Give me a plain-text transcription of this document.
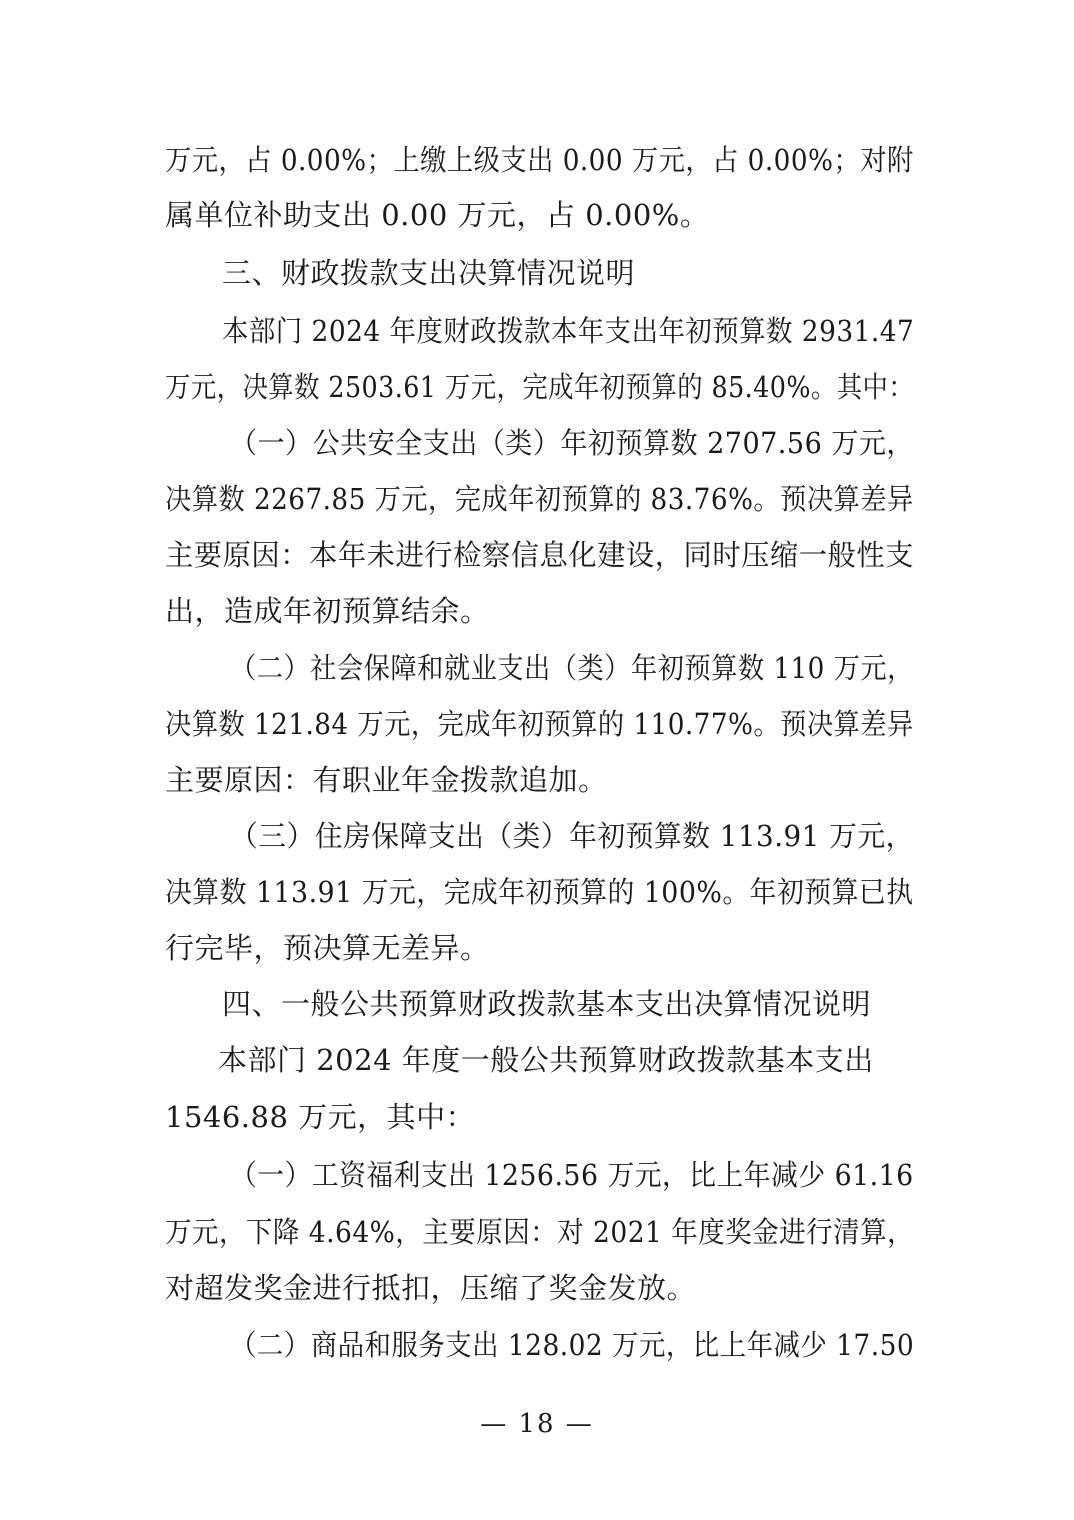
万元，占 0.00%；上缴上级支出 0.00 万元，占 0.00%；对附
属单位补助支出 0.00 万元，占 0.00%。
三、财政拨款支出决算情况说明
本部门 2024 年度财政拨款本年支出年初预算数 2931.47
万元，决算数 2503.61 万元，完成年初预算的 85.40%。其中：
（一）公共安全支出（类）年初预算数 2707.56 万元，
决算数 2267.85 万元，完成年初预算的 83.76%。预决算差异
主要原因：本年未进行检察信息化建设，同时压缩一般性支
出，造成年初预算结余。
（二）社会保障和就业支出（类）年初预算数 110 万元，
决算数 121.84 万元，完成年初预算的 110.77%。预决算差异
主要原因：有职业年金拨款追加。
（三）住房保障支出（类）年初预算数 113.91 万元，
决算数 113.91 万元，完成年初预算的 100%。年初预算已执
行完毕，预决算无差异。
四、一般公共预算财政拨款基本支出决算情况说明
本部门 2024 年度一般公共预算财政拨款基本支出
1546.88 万元，其中：
（一）工资福利支出 1256.56 万元，比上年减少 61.16
万元，下降 4.64%，主要原因：对 2021 年度奖金进行清算，
对超发奖金进行抵扣，压缩了奖金发放。
（二）商品和服务支出 128.02 万元，比上年减少 17.50
— 18 —
